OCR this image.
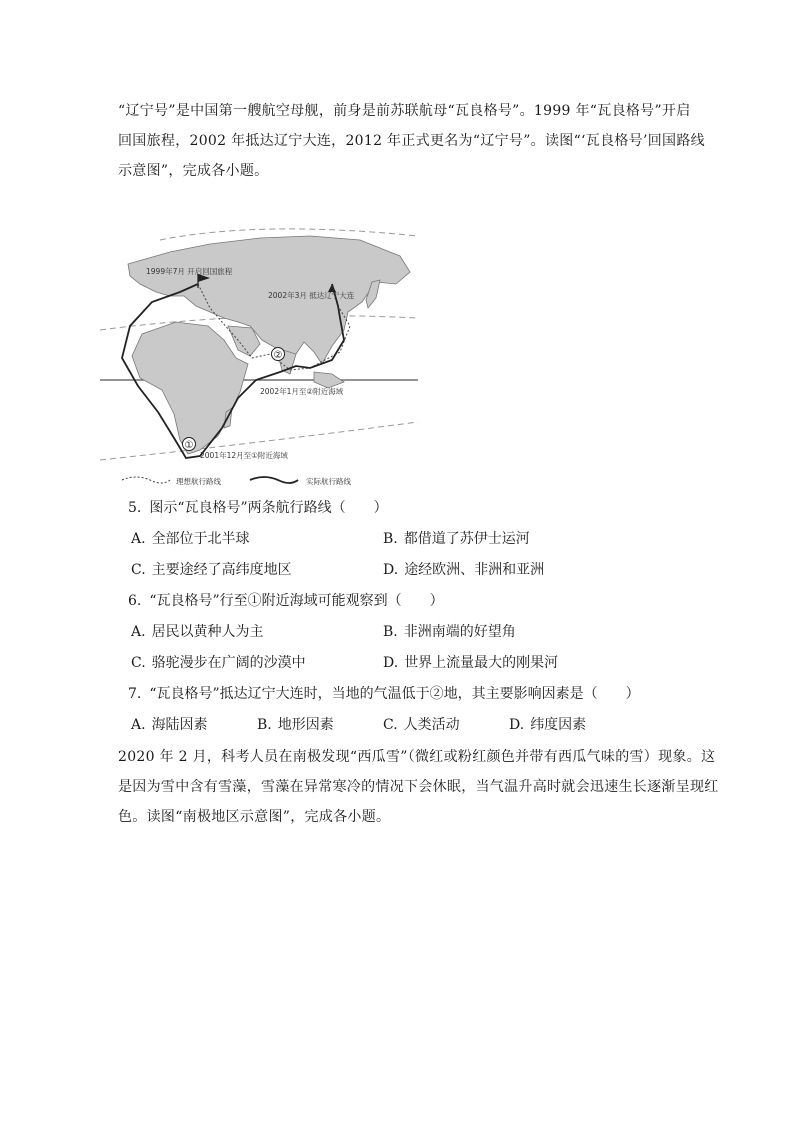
“辽宁号”是中国第一艘航空母舰，前身是前苏联航母“瓦良格号”。1999 年“瓦良格号”开启
回国旅程，2002 年抵达辽宁大连，2012 年正式更名为“辽宁号”。读图“‘瓦良格号’回国路线
示意图”，完成各小题。
②
①
1999年7月 开启回国旅程
2002年3月 抵达辽宁大连
2002年1月至②附近海域
2001年12月至①附近海域
理想航行路线	实际航行路线
5. 图示“瓦良格号”两条航行路线（　　）
A. 全部位于北半球	B. 都借道了苏伊士运河
C. 主要途经了高纬度地区	D. 途经欧洲、非洲和亚洲
6. “瓦良格号”行至①附近海域可能观察到（　　）
A. 居民以黄种人为主	B. 非洲南端的好望角
C. 骆驼漫步在广阔的沙漠中	D. 世界上流量最大的刚果河
7. “瓦良格号”抵达辽宁大连时，当地的气温低于②地，其主要影响因素是（　　）
A. 海陆因素	B. 地形因素	C. 人类活动	D. 纬度因素
2020 年 2 月，科考人员在南极发现“西瓜雪”（微红或粉红颜色并带有西瓜气味的雪）现象。这
是因为雪中含有雪藻，雪藻在异常寒冷的情况下会休眠，当气温升高时就会迅速生长逐渐呈现红
色。读图“南极地区示意图”，完成各小题。
